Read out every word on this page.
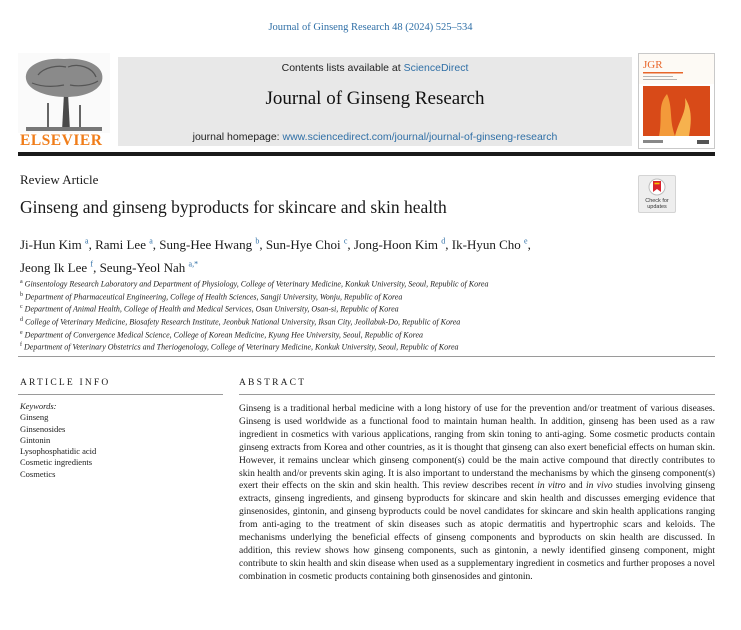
Journal of Ginseng Research 48 (2024) 525–534
ELSEVIER
Contents lists available at ScienceDirect
Journal of Ginseng Research
journal homepage: www.sciencedirect.com/journal/journal-of-ginseng-research
JGR
Review Article
Ginseng and ginseng byproducts for skincare and skin health	Check for
updates
Ji-Hun Kim $^a$, Rami Lee $^a$, Sung-Hee Hwang $^b$, Sun-Hye Choi $^c$, Jong-Hoon Kim $^d$, Ik-Hyun Cho $^e$,
Jeong Ik Lee $^f$, Seung-Yeol Nah $^{a,*}$
$^a$ Ginsentology Research Laboratory and Department of Physiology, College of Veterinary Medicine, Konkuk University, Seoul, Republic of Korea
$^b$ Department of Pharmaceutical Engineering, College of Health Sciences, Sangji University, Wonju, Republic of Korea
$^c$ Department of Animal Health, College of Health and Medical Services, Osan University, Osan-si, Republic of Korea
$^d$ College of Veterinary Medicine, Biosafety Research Institute, Jeonbuk National University, Iksan City, Jeollabuk-Do, Republic of Korea
$^e$ Department of Convergence Medical Science, College of Korean Medicine, Kyung Hee University, Seoul, Republic of Korea
$^f$ Department of Veterinary Obstetrics and Theriogenology, College of Veterinary Medicine, Konkuk University, Seoul, Republic of Korea
ARTICLE INFO
Keywords:
Ginseng
Ginsenosides
Gintonin
Lysophosphatidic acid
Cosmetic ingredients
Cosmetics
ABSTRACT
Ginseng is a traditional herbal medicine with a long history of use for the prevention and/or treatment of various diseases. Ginseng is used worldwide as a functional food to maintain human health. In addition, ginseng has been used as a raw ingredient in cosmetics with various applications, ranging from skin toning to anti-aging. Some cosmetic products contain ginseng extracts from Korea and other countries, as it is thought that ginseng can also exert beneficial effects on human skin. However, it remains unclear which ginseng component(s) could be the main active compound that directly contributes to skin health and/or prevents skin aging. It is also important to understand the mechanisms by which the ginseng component(s) exert their effects on the skin and skin health. This review describes recent in vitro and in vivo studies involving ginseng extracts, ginseng ingredients, and ginseng byproducts for skincare and skin health and discusses emerging evidence that ginsenosides, gintonin, and ginseng byproducts could be novel candidates for skincare and skin health applications ranging from anti-aging to the treatment of skin diseases such as atopic dermatitis and hypertrophic scars and keloids. The mechanisms underlying the beneficial effects of ginseng components and byproducts on skin health are discussed. In addition, this review shows how ginseng components, such as gintonin, a newly identified ginseng component, might contribute to skin health and skin disease when used as a supplementary ingredient in cosmetics and further proposes a novel combination in cosmetic products containing both ginsenosides and gintonin.
